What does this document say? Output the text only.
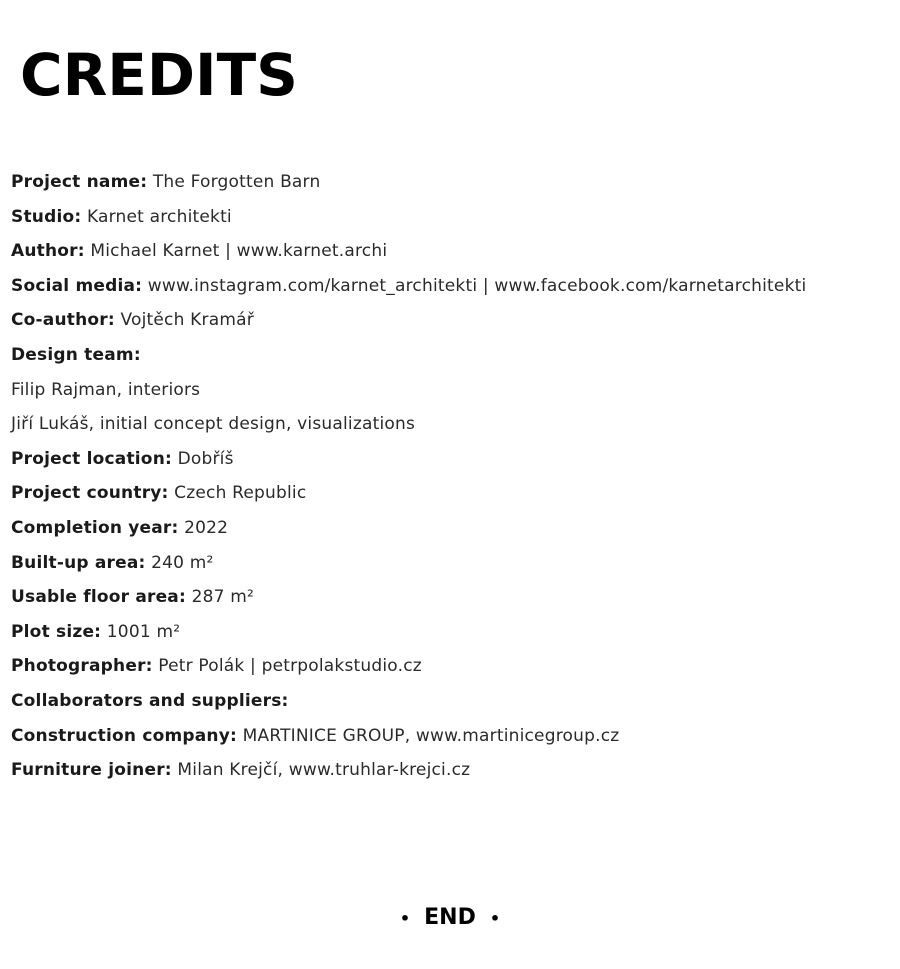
CREDITS
Project name: The Forgotten Barn
Studio: Karnet architekti
Author: Michael Karnet | www.karnet.archi
Social media: www.instagram.com/karnet_architekti | www.facebook.com/karnetarchitekti
Co-author: Vojtěch Kramář
Design team:
Filip Rajman, interiors
Jiří Lukáš, initial concept design, visualizations
Project location: Dobříš
Project country: Czech Republic
Completion year: 2022
Built-up area: 240 m²
Usable floor area: 287 m²
Plot size: 1001 m²
Photographer: Petr Polák | petrpolakstudio.cz
Collaborators and suppliers:
Construction company: MARTINICE GROUP, www.martinicegroup.cz
Furniture joiner: Milan Krejčí, www.truhlar-krejci.cz
• END •
